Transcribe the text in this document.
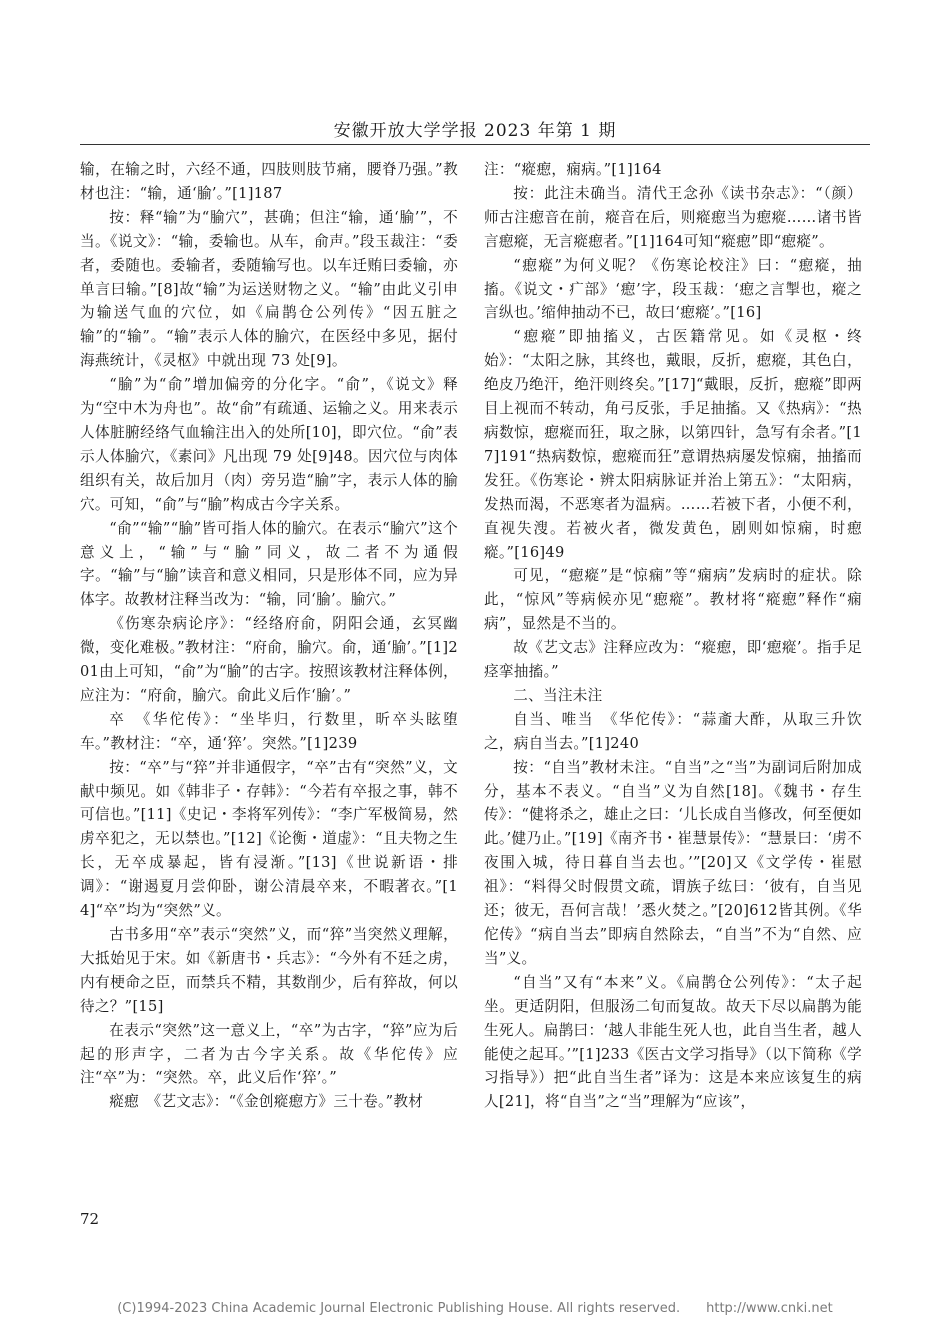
安徽开放大学学报 2023 年第 1 期

输，在输之时，六经不通，四肢则肢节痛，腰脊乃强。”教材也注：“输，通‘腧’。”[1]187

按：释“输”为“腧穴”，甚确；但注“输，通‘腧’”，不当。《说文》：“输，委输也。从车，俞声。”段玉裁注：“委者，委随也。委输者，委随输写也。以车迁贿曰委输，亦单言曰输。”[8]故“输”为运送财物之义。“输”由此义引申为输送气血的穴位，如《扁鹊仓公列传》“因五脏之输”的“输”。“输”表示人体的腧穴，在医经中多见，据付海燕统计，《灵枢》中就出现 73 处[9]。

“腧”为“俞”增加偏旁的分化字。“俞”，《说文》释为“空中木为舟也”。故“俞”有疏通、运输之义。用来表示人体脏腑经络气血输注出入的处所[10]，即穴位。“俞”表示人体腧穴，《素问》凡出现 79 处[9]48。因穴位与肉体组织有关，故后加月（肉）旁另造“腧”字，表示人体的腧穴。可知，“俞”与“腧”构成古今字关系。

“俞”“输”“腧”皆可指人体的腧穴。在表示“腧穴”这个意义上，“输”与“腧”同义，故二者不为通假字。“输”与“腧”读音和意义相同，只是形体不同，应为异体字。故教材注释当改为：“输，同‘腧’。腧穴。”

《伤寒杂病论序》：“经络府俞，阴阳会通，玄冥幽微，变化难极。”教材注：“府俞，腧穴。俞，通‘腧’。”[1]201由上可知，“俞”为“腧”的古字。按照该教材注释体例，应注为：“府俞，腧穴。俞此义后作‘腧’。”

卒　《华佗传》：“坐毕归，行数里，昕卒头眩堕车。”教材注：“卒，通‘猝’。突然。”[1]239

按：“卒”与“猝”并非通假字，“卒”古有“突然”义，文献中频见。如《韩非子・存韩》：“今若有卒报之事，韩不可信也。”[11]《史记・李将军列传》：“李广军极简易，然虏卒犯之，无以禁也。”[12]《论衡・道虚》：“且夫物之生长，无卒成暴起，皆有浸渐。”[13]《世说新语・排调》：“谢遏夏月尝仰卧，谢公清晨卒来，不暇著衣。”[14]“卒”均为“突然”义。

古书多用“卒”表示“突然”义，而“猝”当突然义理解，大抵始见于宋。如《新唐书・兵志》：“今外有不廷之虏，内有梗命之臣，而禁兵不精，其数削少，后有猝故，何以待之？”[15]

在表示“突然”这一意义上，“卒”为古字，“猝”应为后起的形声字，二者为古今字关系。故《华佗传》应注“卒”为：“突然。卒，此义后作‘猝’。”

瘲瘛　《艺文志》：“《金创瘲瘛方》三十卷。”教材

注：“瘲瘛，痫病。”[1]164

按：此注未确当。清代王念孙《读书杂志》：“（颜）师古注瘛音在前，瘲音在后，则瘲瘛当为瘛瘲……诸书皆言瘛瘲，无言瘲瘛者。”[1]164可知“瘲瘛”即“瘛瘲”。

“瘛瘲”为何义呢？《伤寒论校注》曰：“瘛瘲，抽搐。《说文・疒部》‘瘛’字，段玉裁：‘瘛之言掣也，瘲之言纵也。’缩伸抽动不已，故曰‘瘛瘲’。”[16]

“瘛瘲”即抽搐义，古医籍常见。如《灵枢・终始》：“太阳之脉，其终也，戴眼，反折，瘛瘲，其色白，绝皮乃绝汗，绝汗则终矣。”[17]“戴眼，反折，瘛瘲”即两目上视而不转动，角弓反张，手足抽搐。又《热病》：“热病数惊，瘛瘲而狂，取之脉，以第四针，急写有余者。”[17]191“热病数惊，瘛瘲而狂”意谓热病屡发惊痫，抽搐而发狂。《伤寒论・辨太阳病脉证并治上第五》：“太阳病，发热而渴，不恶寒者为温病。……若被下者，小便不利，直视失溲。若被火者，微发黄色，剧则如惊痫，时瘛瘲。”[16]49

可见，“瘛瘲”是“惊痫”等“痫病”发病时的症状。除此，“惊风”等病候亦见“瘛瘲”。教材将“瘲瘛”释作“痫病”，显然是不当的。

故《艺文志》注释应改为：“瘲瘛，即‘瘛瘲’。指手足痉挛抽搐。”

二、当注未注

自当、唯当　《华佗传》：“蒜齑大酢，从取三升饮之，病自当去。”[1]240

按：“自当”教材未注。“自当”之“当”为副词后附加成分，基本不表义。“自当”义为自然[18]。《魏书・存生传》：“健将杀之，雄止之曰：‘儿长成自当修改，何至便如此。’健乃止。”[19]《南齐书・崔慧景传》：“慧景曰：‘虏不夜围入城，待日暮自当去也。’”[20]又《文学传・崔慰祖》：“料得父时假贯文疏，谓族子纮曰：‘彼有，自当见还；彼无，吾何言哉！’悉火焚之。”[20]612皆其例。《华佗传》“病自当去”即病自然除去，“自当”不为“自然、应当”义。

“自当”又有“本来”义。《扁鹊仓公列传》：“太子起坐。更适阴阳，但服汤二旬而复故。故天下尽以扁鹊为能生死人。扁鹊曰：‘越人非能生死人也，此自当生者，越人能使之起耳。’”[1]233《医古文学习指导》（以下简称《学习指导》）把“此自当生者”译为：这是本来应该复生的病人[21]，将“自当”之“当”理解为“应该”，

72
(C)1994-2023 China Academic Journal Electronic Publishing House. All rights reserved.　　http://www.cnki.net
